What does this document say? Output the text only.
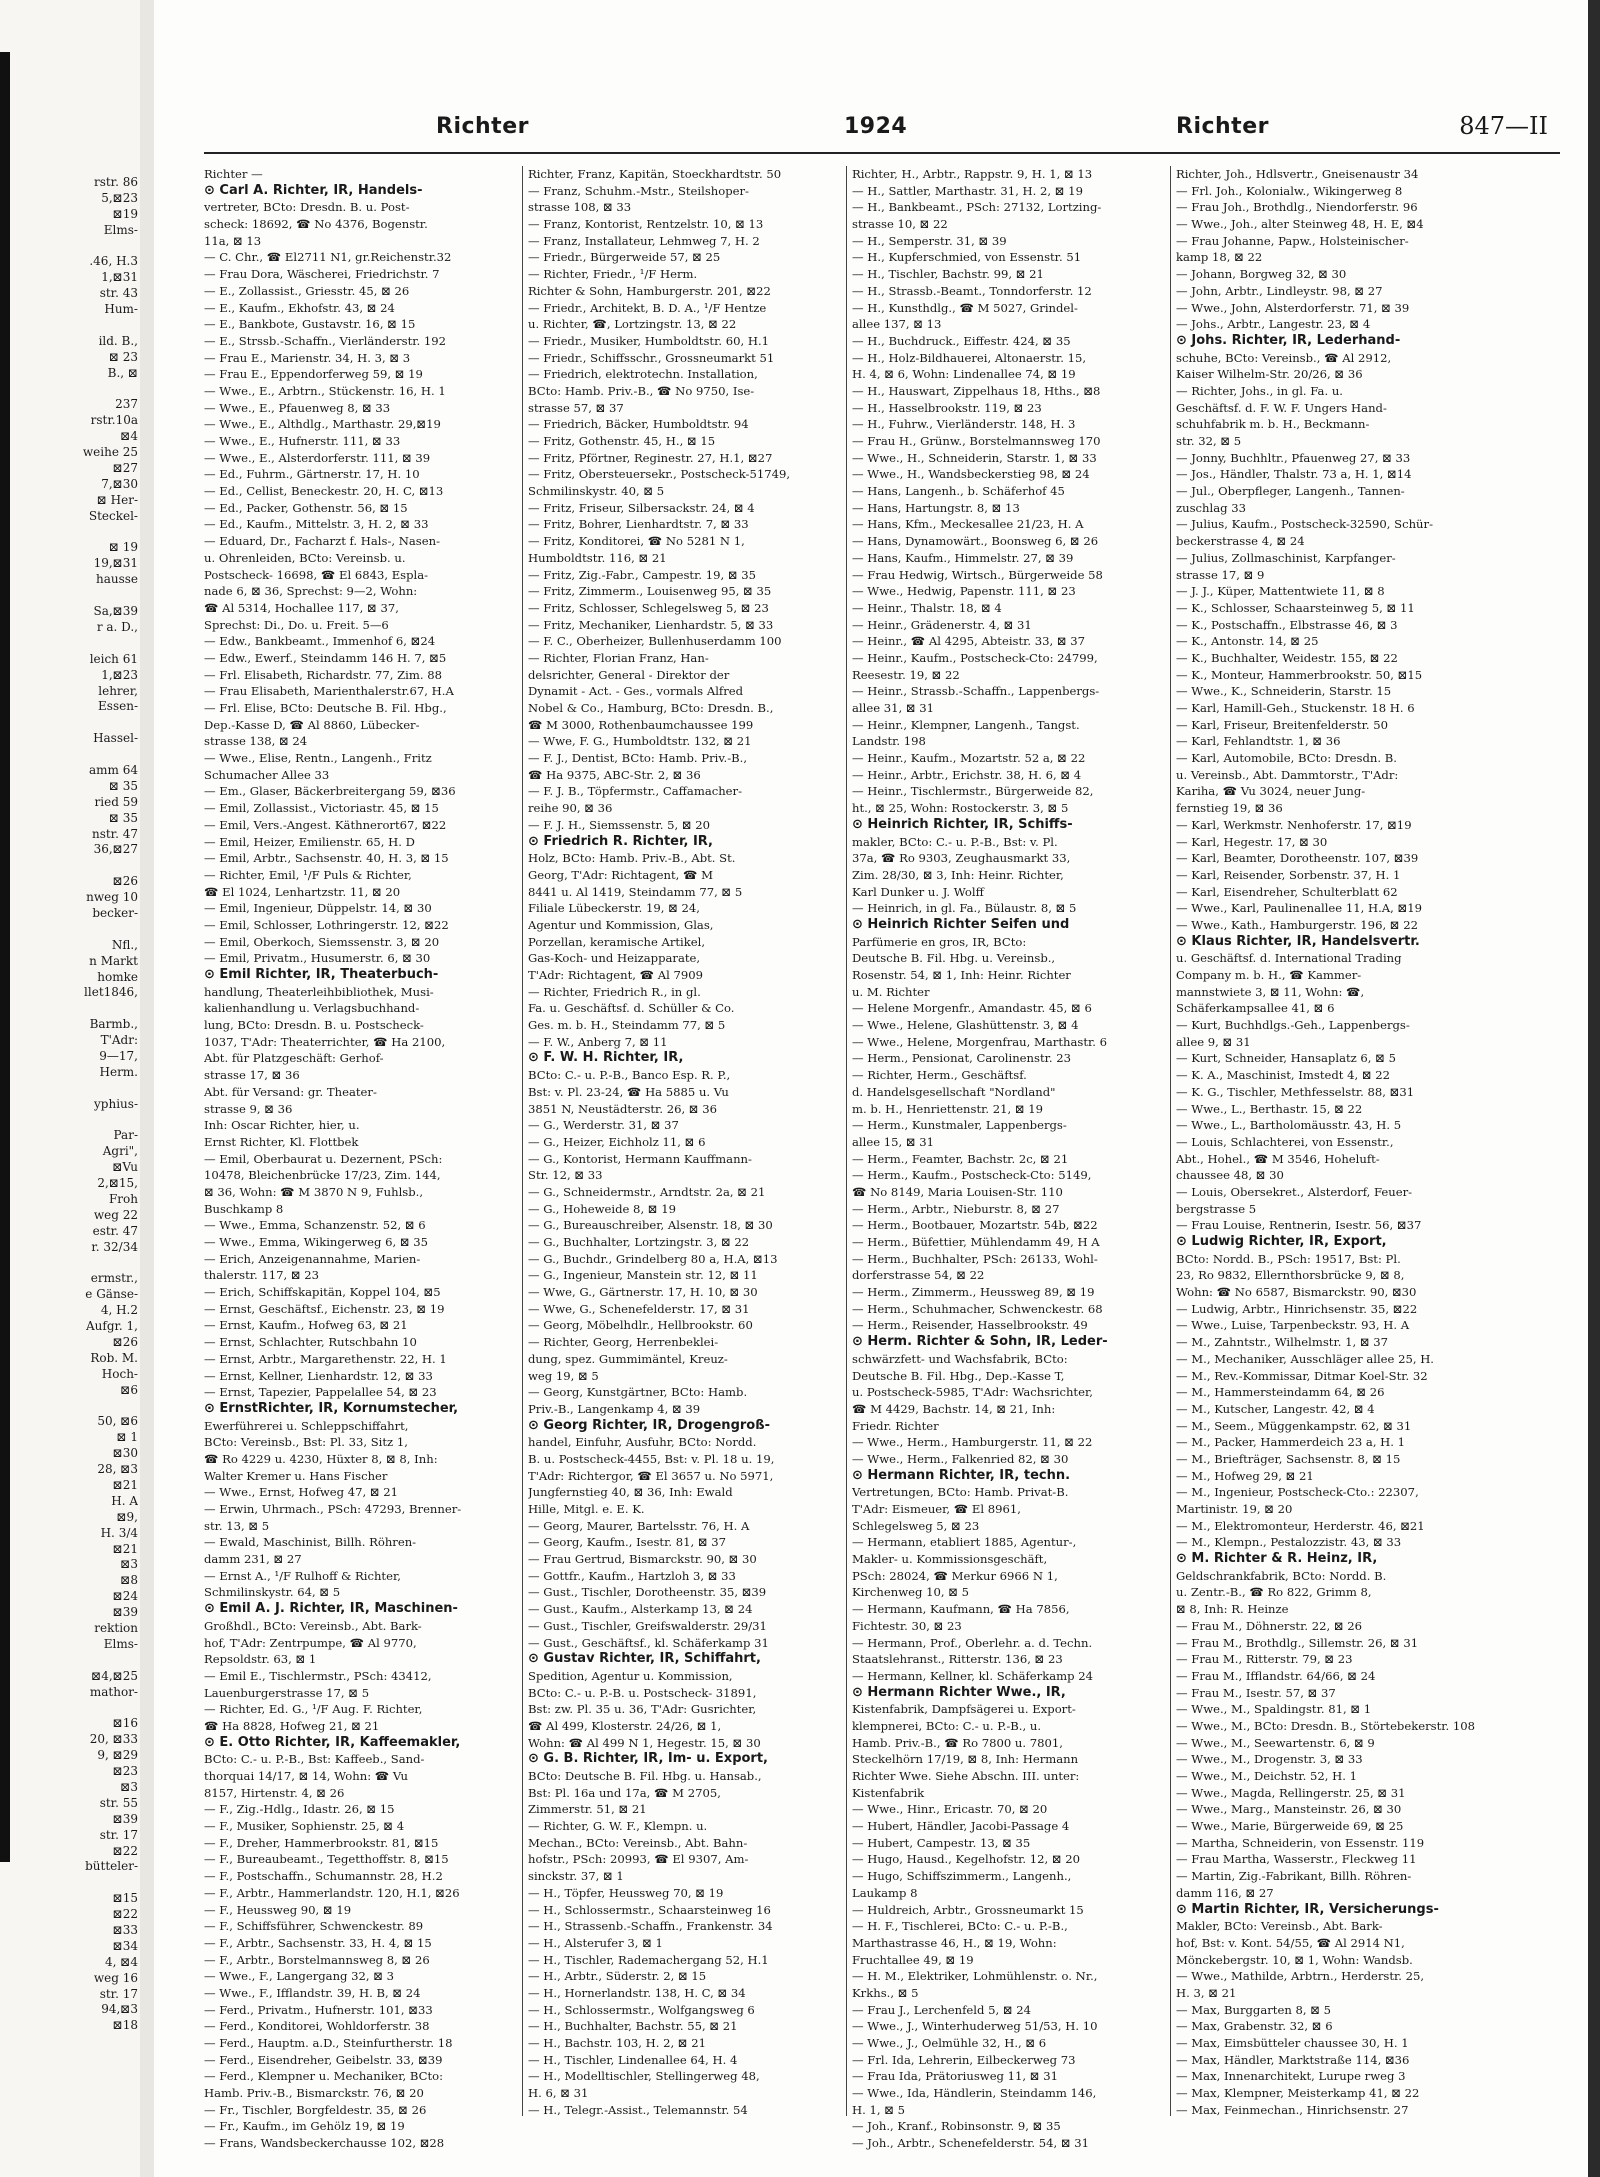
rstr. 86
5,⊠23
⊠19
Elms-
.46, H.3
1,⊠31
str. 43
Hum-
ild. B.,
⊠ 23
B., ⊠
237
rstr.10a
⊠4
weihe 25
⊠27
7,⊠30
⊠ Her-
Steckel-
⊠ 19
19,⊠31
hausse
Sa,⊠39
r a. D.,
leich 61
1,⊠23
lehrer,
Essen-
Hassel-
amm 64
⊠ 35
ried 59
⊠ 35
nstr. 47
36,⊠27
⊠26
nweg 10
becker-
Nfl.,
n Markt
homke
llet1846,
Barmb.,
T'Adr:
9—17,
Herm.
yphius-
Par-
Agri",
⊠Vu
2,⊠15,
Froh
weg 22
estr. 47
r. 32/34
ermstr.,
e Gänse-
4, H.2
Aufgr. 1,
⊠26
Rob. M.
Hoch-
⊠6
50, ⊠6
⊠ 1
⊠30
28, ⊠3
⊠21
H. A
⊠9,
H. 3/4
⊠21
⊠3
⊠8
⊠24
⊠39
rektion
Elms-
⊠4,⊠25
mathor-
⊠16
20, ⊠33
9, ⊠29
⊠23
⊠3
str. 55
⊠39
str. 17
⊠22
bütteler-
⊠15
⊠22
⊠33
⊠34
4, ⊠4
weg 16
str. 17
94,⊠3
⊠18
Richter	1924	Richter	847—II
Richter —
⊙ Carl A. Richter, IR, Handels-
vertreter, BCto: Dresdn. B. u. Post-
scheck: 18692, ☎ No 4376, Bogenstr.
11a, ⊠ 13
— C. Chr., ☎ El2711 N1, gr.Reichenstr.32
— Frau Dora, Wäscherei, Friedrichstr. 7
— E., Zollassist., Griesstr. 45, ⊠ 26
— E., Kaufm., Ekhofstr. 43, ⊠ 24
— E., Bankbote, Gustavstr. 16, ⊠ 15
— E., Strssb.-Schaffn., Vierländerstr. 192
— Frau E., Marienstr. 34, H. 3, ⊠ 3
— Frau E., Eppendorferweg 59, ⊠ 19
— Wwe., E., Arbtrn., Stückenstr. 16, H. 1
— Wwe., E., Pfauenweg 8, ⊠ 33
— Wwe., E., Althdlg., Marthastr. 29,⊠19
— Wwe., E., Hufnerstr. 111, ⊠ 33
— Wwe., E., Alsterdorferstr. 111, ⊠ 39
— Ed., Fuhrm., Gärtnerstr. 17, H. 10
— Ed., Cellist, Beneckestr. 20, H. C, ⊠13
— Ed., Packer, Gothenstr. 56, ⊠ 15
— Ed., Kaufm., Mittelstr. 3, H. 2, ⊠ 33
— Eduard, Dr., Facharzt f. Hals-, Nasen-
u. Ohrenleiden, BCto: Vereinsb. u.
Postscheck- 16698, ☎ El 6843, Espla-
nade 6, ⊠ 36, Sprechst: 9—2, Wohn:
☎ Al 5314, Hochallee 117, ⊠ 37,
Sprechst: Di., Do. u. Freit. 5—6
— Edw., Bankbeamt., Immenhof 6, ⊠24
— Edw., Ewerf., Steindamm 146 H. 7, ⊠5
— Frl. Elisabeth, Richardstr. 77, Zim. 88
— Frau Elisabeth, Marienthalerstr.67, H.A
— Frl. Elise, BCto: Deutsche B. Fil. Hbg.,
Dep.-Kasse D, ☎ Al 8860, Lübecker-
strasse 138, ⊠ 24
— Wwe., Elise, Rentn., Langenh., Fritz
Schumacher Allee 33
— Em., Glaser, Bäckerbreitergang 59, ⊠36
— Emil, Zollassist., Victoriastr. 45, ⊠ 15
— Emil, Vers.-Angest. Käthnerort67, ⊠22
— Emil, Heizer, Emilienstr. 65, H. D
— Emil, Arbtr., Sachsenstr. 40, H. 3, ⊠ 15
— Richter, Emil, ¹/F Puls & Richter,
☎ El 1024, Lenhartzstr. 11, ⊠ 20
— Emil, Ingenieur, Düppelstr. 14, ⊠ 30
— Emil, Schlosser, Lothringerstr. 12, ⊠22
— Emil, Oberkoch, Siemssenstr. 3, ⊠ 20
— Emil, Privatm., Husumerstr. 6, ⊠ 30
⊙ Emil Richter, IR, Theaterbuch-
handlung, Theaterleihbibliothek, Musi-
kalienhandlung u. Verlagsbuchhand-
lung, BCto: Dresdn. B. u. Postscheck-
1037, T'Adr: Theaterrichter, ☎ Ha 2100,
Abt. für Platzgeschäft: Gerhof-
strasse 17, ⊠ 36
Abt. für Versand: gr. Theater-
strasse 9, ⊠ 36
Inh: Oscar Richter, hier, u.
Ernst Richter, Kl. Flottbek
— Emil, Oberbaurat u. Dezernent, PSch:
10478, Bleichenbrücke 17/23, Zim. 144,
⊠ 36, Wohn: ☎ M 3870 N 9, Fuhlsb.,
Buschkamp 8
— Wwe., Emma, Schanzenstr. 52, ⊠ 6
— Wwe., Emma, Wikingerweg 6, ⊠ 35
— Erich, Anzeigenannahme, Marien-
thalerstr. 117, ⊠ 23
— Erich, Schiffskapitän, Koppel 104, ⊠5
— Ernst, Geschäftsf., Eichenstr. 23, ⊠ 19
— Ernst, Kaufm., Hofweg 63, ⊠ 21
— Ernst, Schlachter, Rutschbahn 10
— Ernst, Arbtr., Margarethenstr. 22, H. 1
— Ernst, Kellner, Lienhardstr. 12, ⊠ 33
— Ernst, Tapezier, Pappelallee 54, ⊠ 23
⊙ ErnstRichter, IR, Kornumstecher,
Ewerführerei u. Schleppschiffahrt,
BCto: Vereinsb., Bst: Pl. 33, Sitz 1,
☎ Ro 4229 u. 4230, Hüxter 8, ⊠ 8, Inh:
Walter Kremer u. Hans Fischer
— Wwe., Ernst, Hofweg 47, ⊠ 21
— Erwin, Uhrmach., PSch: 47293, Brenner-
str. 13, ⊠ 5
— Ewald, Maschinist, Billh. Röhren-
damm 231, ⊠ 27
— Ernst A., ¹/F Rulhoff & Richter,
Schmilinskystr. 64, ⊠ 5
⊙ Emil A. J. Richter, IR, Maschinen-
Großhdl., BCto: Vereinsb., Abt. Bark-
hof, T'Adr: Zentrpumpe, ☎ Al 9770,
Repsoldstr. 63, ⊠ 1
— Emil E., Tischlermstr., PSch: 43412,
Lauenburgerstrasse 17, ⊠ 5
— Richter, Ed. G., ¹/F Aug. F. Richter,
☎ Ha 8828, Hofweg 21, ⊠ 21
⊙ E. Otto Richter, IR, Kaffeemakler,
BCto: C.- u. P.-B., Bst: Kaffeeb., Sand-
thorquai 14/17, ⊠ 14, Wohn: ☎ Vu
8157, Hirtenstr. 4, ⊠ 26
— F., Zig.-Hdlg., Idastr. 26, ⊠ 15
— F., Musiker, Sophienstr. 25, ⊠ 4
— F., Dreher, Hammerbrookstr. 81, ⊠15
— F., Bureaubeamt., Tegetthoffstr. 8, ⊠15
— F., Postschaffn., Schumannstr. 28, H.2
— F., Arbtr., Hammerlandstr. 120, H.1, ⊠26
— F., Heussweg 90, ⊠ 19
— F., Schiffsführer, Schwenckestr. 89
— F., Arbtr., Sachsenstr. 33, H. 4, ⊠ 15
— F., Arbtr., Borstelmannsweg 8, ⊠ 26
— Wwe., F., Langergang 32, ⊠ 3
— Wwe., F., Ifflandstr. 39, H. B, ⊠ 24
— Ferd., Privatm., Hufnerstr. 101, ⊠33
— Ferd., Konditorei, Wohldorferstr. 38
— Ferd., Hauptm. a.D., Steinfurtherstr. 18
— Ferd., Eisendreher, Geibelstr. 33, ⊠39
— Ferd., Klempner u. Mechaniker, BCto:
Hamb. Priv.-B., Bismarckstr. 76, ⊠ 20
— Fr., Tischler, Borgfeldestr. 35, ⊠ 26
— Fr., Kaufm., im Gehölz 19, ⊠ 19
— Frans, Wandsbeckerchausse 102, ⊠28
Richter, Franz, Kapitän, Stoeckhardtstr. 50
— Franz, Schuhm.-Mstr., Steilshoper-
strasse 108, ⊠ 33
— Franz, Kontorist, Rentzelstr. 10, ⊠ 13
— Franz, Installateur, Lehmweg 7, H. 2
— Friedr., Bürgerweide 57, ⊠ 25
— Richter, Friedr., ¹/F Herm.
Richter & Sohn, Hamburgerstr. 201, ⊠22
— Friedr., Architekt, B. D. A., ¹/F Hentze
u. Richter, ☎, Lortzingstr. 13, ⊠ 22
— Friedr., Musiker, Humboldtstr. 60, H.1
— Friedr., Schiffsschr., Grossneumarkt 51
— Friedrich, elektrotechn. Installation,
BCto: Hamb. Priv.-B., ☎ No 9750, Ise-
strasse 57, ⊠ 37
— Friedrich, Bäcker, Humboldtstr. 94
— Fritz, Gothenstr. 45, H., ⊠ 15
— Fritz, Pförtner, Reginestr. 27, H.1, ⊠27
— Fritz, Obersteuersekr., Postscheck-51749,
Schmilinskystr. 40, ⊠ 5
— Fritz, Friseur, Silbersackstr. 24, ⊠ 4
— Fritz, Bohrer, Lienhardtstr. 7, ⊠ 33
— Fritz, Konditorei, ☎ No 5281 N 1,
Humboldtstr. 116, ⊠ 21
— Fritz, Zig.-Fabr., Campestr. 19, ⊠ 35
— Fritz, Zimmerm., Louisenweg 95, ⊠ 35
— Fritz, Schlosser, Schlegelsweg 5, ⊠ 23
— Fritz, Mechaniker, Lienhardstr. 5, ⊠ 33
— F. C., Oberheizer, Bullenhuserdamm 100
— Richter, Florian Franz, Han-
delsrichter, General - Direktor der
Dynamit - Act. - Ges., vormals Alfred
Nobel & Co., Hamburg, BCto: Dresdn. B.,
☎ M 3000, Rothenbaumchaussee 199
— Wwe, F. G., Humboldtstr. 132, ⊠ 21
— F. J., Dentist, BCto: Hamb. Priv.-B.,
☎ Ha 9375, ABC-Str. 2, ⊠ 36
— F. J. B., Töpfermstr., Caffamacher-
reihe 90, ⊠ 36
— F. J. H., Siemssenstr. 5, ⊠ 20
⊙ Friedrich R. Richter, IR,
Holz, BCto: Hamb. Priv.-B., Abt. St.
Georg, T'Adr: Richtagent, ☎ M
8441 u. Al 1419, Steindamm 77, ⊠ 5
Filiale Lübeckerstr. 19, ⊠ 24,
Agentur und Kommission, Glas,
Porzellan, keramische Artikel,
Gas-Koch- und Heizapparate,
T'Adr: Richtagent, ☎ Al 7909
— Richter, Friedrich R., in gl.
Fa. u. Geschäftsf. d. Schüller & Co.
Ges. m. b. H., Steindamm 77, ⊠ 5
— F. W., Anberg 7, ⊠ 11
⊙ F. W. H. Richter, IR,
BCto: C.- u. P.-B., Banco Esp. R. P.,
Bst: v. Pl. 23-24, ☎ Ha 5885 u. Vu
3851 N, Neustädterstr. 26, ⊠ 36
— G., Werderstr. 31, ⊠ 37
— G., Heizer, Eichholz 11, ⊠ 6
— G., Kontorist, Hermann Kauffmann-
Str. 12, ⊠ 33
— G., Schneidermstr., Arndtstr. 2a, ⊠ 21
— G., Hoheweide 8, ⊠ 19
— G., Bureauschreiber, Alsenstr. 18, ⊠ 30
— G., Buchhalter, Lortzingstr. 3, ⊠ 22
— G., Buchdr., Grindelberg 80 a, H.A, ⊠13
— G., Ingenieur, Manstein str. 12, ⊠ 11
— Wwe, G., Gärtnerstr. 17, H. 10, ⊠ 30
— Wwe, G., Schenefelderstr. 17, ⊠ 31
— Georg, Möbelhdlr., Hellbrookstr. 60
— Richter, Georg, Herrenbeklei-
dung, spez. Gummimäntel, Kreuz-
weg 19, ⊠ 5
— Georg, Kunstgärtner, BCto: Hamb.
Priv.-B., Langenkamp 4, ⊠ 39
⊙ Georg Richter, IR, Drogengroß-
handel, Einfuhr, Ausfuhr, BCto: Nordd.
B. u. Postscheck-4455, Bst: v. Pl. 18 u. 19,
T'Adr: Richtergor, ☎ El 3657 u. No 5971,
Jungfernstieg 40, ⊠ 36, Inh: Ewald
Hille, Mitgl. e. E. K.
— Georg, Maurer, Bartelsstr. 76, H. A
— Georg, Kaufm., Isestr. 81, ⊠ 37
— Frau Gertrud, Bismarckstr. 90, ⊠ 30
— Gottfr., Kaufm., Hartzloh 3, ⊠ 33
— Gust., Tischler, Dorotheenstr. 35, ⊠39
— Gust., Kaufm., Alsterkamp 13, ⊠ 24
— Gust., Tischler, Greifswalderstr. 29/31
— Gust., Geschäftsf., kl. Schäferkamp 31
⊙ Gustav Richter, IR, Schiffahrt,
Spedition, Agentur u. Kommission,
BCto: C.- u. P.-B. u. Postscheck- 31891,
Bst: zw. Pl. 35 u. 36, T'Adr: Gusrichter,
☎ Al 499, Klosterstr. 24/26, ⊠ 1,
Wohn: ☎ Al 499 N 1, Hegestr. 15, ⊠ 30
⊙ G. B. Richter, IR, Im- u. Export,
BCto: Deutsche B. Fil. Hbg. u. Hansab.,
Bst: Pl. 16a und 17a, ☎ M 2705,
Zimmerstr. 51, ⊠ 21
— Richter, G. W. F., Klempn. u.
Mechan., BCto: Vereinsb., Abt. Bahn-
hofstr., PSch: 20993, ☎ El 9307, Am-
sinckstr. 37, ⊠ 1
— H., Töpfer, Heussweg 70, ⊠ 19
— H., Schlossermstr., Schaarsteinweg 16
— H., Strassenb.-Schaffn., Frankenstr. 34
— H., Alsterufer 3, ⊠ 1
— H., Tischler, Rademachergang 52, H.1
— H., Arbtr., Süderstr. 2, ⊠ 15
— H., Hornerlandstr. 138, H. C, ⊠ 34
— H., Schlossermstr., Wolfgangsweg 6
— H., Buchhalter, Bachstr. 55, ⊠ 21
— H., Bachstr. 103, H. 2, ⊠ 21
— H., Tischler, Lindenallee 64, H. 4
— H., Modelltischler, Stellingerweg 48,
H. 6, ⊠ 31
— H., Telegr.-Assist., Telemannstr. 54
Richter, H., Arbtr., Rappstr. 9, H. 1, ⊠ 13
— H., Sattler, Marthastr. 31, H. 2, ⊠ 19
— H., Bankbeamt., PSch: 27132, Lortzing-
strasse 10, ⊠ 22
— H., Semperstr. 31, ⊠ 39
— H., Kupferschmied, von Essenstr. 51
— H., Tischler, Bachstr. 99, ⊠ 21
— H., Strassb.-Beamt., Tonndorferstr. 12
— H., Kunsthdlg., ☎ M 5027, Grindel-
allee 137, ⊠ 13
— H., Buchdruck., Eiffestr. 424, ⊠ 35
— H., Holz-Bildhauerei, Altonaerstr. 15,
H. 4, ⊠ 6, Wohn: Lindenallee 74, ⊠ 19
— H., Hauswart, Zippelhaus 18, Hths., ⊠8
— H., Hasselbrookstr. 119, ⊠ 23
— H., Fuhrw., Vierländerstr. 148, H. 3
— Frau H., Grünw., Borstelmannsweg 170
— Wwe., H., Schneiderin, Starstr. 1, ⊠ 33
— Wwe., H., Wandsbeckerstieg 98, ⊠ 24
— Hans, Langenh., b. Schäferhof 45
— Hans, Hartungstr. 8, ⊠ 13
— Hans, Kfm., Meckesallee 21/23, H. A
— Hans, Dynamowärt., Boonsweg 6, ⊠ 26
— Hans, Kaufm., Himmelstr. 27, ⊠ 39
— Frau Hedwig, Wirtsch., Bürgerweide 58
— Wwe., Hedwig, Papenstr. 111, ⊠ 23
— Heinr., Thalstr. 18, ⊠ 4
— Heinr., Grädenerstr. 4, ⊠ 31
— Heinr., ☎ Al 4295, Abteistr. 33, ⊠ 37
— Heinr., Kaufm., Postscheck-Cto: 24799,
Reesestr. 19, ⊠ 22
— Heinr., Strassb.-Schaffn., Lappenbergs-
allee 31, ⊠ 31
— Heinr., Klempner, Langenh., Tangst.
Landstr. 198
— Heinr., Kaufm., Mozartstr. 52 a, ⊠ 22
— Heinr., Arbtr., Erichstr. 38, H. 6, ⊠ 4
— Heinr., Tischlermstr., Bürgerweide 82,
ht., ⊠ 25, Wohn: Rostockerstr. 3, ⊠ 5
⊙ Heinrich Richter, IR, Schiffs-
makler, BCto: C.- u. P.-B., Bst: v. Pl.
37a, ☎ Ro 9303, Zeughausmarkt 33,
Zim. 28/30, ⊠ 3, Inh: Heinr. Richter,
Karl Dunker u. J. Wolff
— Heinrich, in gl. Fa., Bülaustr. 8, ⊠ 5
⊙ Heinrich Richter Seifen und
Parfümerie en gros, IR, BCto:
Deutsche B. Fil. Hbg. u. Vereinsb.,
Rosenstr. 54, ⊠ 1, Inh: Heinr. Richter
u. M. Richter
— Helene Morgenfr., Amandastr. 45, ⊠ 6
— Wwe., Helene, Glashüttenstr. 3, ⊠ 4
— Wwe., Helene, Morgenfrau, Marthastr. 6
— Herm., Pensionat, Carolinenstr. 23
— Richter, Herm., Geschäftsf.
d. Handelsgesellschaft "Nordland"
m. b. H., Henriettenstr. 21, ⊠ 19
— Herm., Kunstmaler, Lappenbergs-
allee 15, ⊠ 31
— Herm., Feamter, Bachstr. 2c, ⊠ 21
— Herm., Kaufm., Postscheck-Cto: 5149,
☎ No 8149, Maria Louisen-Str. 110
— Herm., Arbtr., Nieburstr. 8, ⊠ 27
— Herm., Bootbauer, Mozartstr. 54b, ⊠22
— Herm., Büfettier, Mühlendamm 49, H A
— Herm., Buchhalter, PSch: 26133, Wohl-
dorferstrasse 54, ⊠ 22
— Herm., Zimmerm., Heussweg 89, ⊠ 19
— Herm., Schuhmacher, Schwenckestr. 68
— Herm., Reisender, Hasselbrookstr. 49
⊙ Herm. Richter & Sohn, IR, Leder-
schwärzfett- und Wachsfabrik, BCto:
Deutsche B. Fil. Hbg., Dep.-Kasse T,
u. Postscheck-5985, T'Adr: Wachsrichter,
☎ M 4429, Bachstr. 14, ⊠ 21, Inh:
Friedr. Richter
— Wwe., Herm., Hamburgerstr. 11, ⊠ 22
— Wwe., Herm., Falkenried 82, ⊠ 30
⊙ Hermann Richter, IR, techn.
Vertretungen, BCto: Hamb. Privat-B.
T'Adr: Eismeuer, ☎ El 8961,
Schlegelsweg 5, ⊠ 23
— Hermann, etabliert 1885, Agentur-,
Makler- u. Kommissionsgeschäft,
PSch: 28024, ☎ Merkur 6966 N 1,
Kirchenweg 10, ⊠ 5
— Hermann, Kaufmann, ☎ Ha 7856,
Fichtestr. 30, ⊠ 23
— Hermann, Prof., Oberlehr. a. d. Techn.
Staatslehranst., Ritterstr. 136, ⊠ 23
— Hermann, Kellner, kl. Schäferkamp 24
⊙ Hermann Richter Wwe., IR,
Kistenfabrik, Dampfsägerei u. Export-
klempnerei, BCto: C.- u. P.-B., u.
Hamb. Priv.-B., ☎ Ro 7800 u. 7801,
Steckelhörn 17/19, ⊠ 8, Inh: Hermann
Richter Wwe. Siehe Abschn. III. unter:
Kistenfabrik
— Wwe., Hinr., Ericastr. 70, ⊠ 20
— Hubert, Händler, Jacobi-Passage 4
— Hubert, Campestr. 13, ⊠ 35
— Hugo, Hausd., Kegelhofstr. 12, ⊠ 20
— Hugo, Schiffszimmerm., Langenh.,
Laukamp 8
— Huldreich, Arbtr., Grossneumarkt 15
— H. F., Tischlerei, BCto: C.- u. P.-B.,
Marthastrasse 46, H., ⊠ 19, Wohn:
Fruchtallee 49, ⊠ 19
— H. M., Elektriker, Lohmühlenstr. o. Nr.,
Krkhs., ⊠ 5
— Frau J., Lerchenfeld 5, ⊠ 24
— Wwe., J., Winterhuderweg 51/53, H. 10
— Wwe., J., Oelmühle 32, H., ⊠ 6
— Frl. Ida, Lehrerin, Eilbeckerweg 73
— Frau Ida, Prätoriusweg 11, ⊠ 31
— Wwe., Ida, Händlerin, Steindamm 146,
H. 1, ⊠ 5
— Joh., Kranf., Robinsonstr. 9, ⊠ 35
— Joh., Arbtr., Schenefelderstr. 54, ⊠ 31
Richter, Joh., Hdlsvertr., Gneisenaustr 34
— Frl. Joh., Kolonialw., Wikingerweg 8
— Frau Joh., Brothdlg., Niendorferstr. 96
— Wwe., Joh., alter Steinweg 48, H. E, ⊠4
— Frau Johanne, Papw., Holsteinischer-
kamp 18, ⊠ 22
— Johann, Borgweg 32, ⊠ 30
— John, Arbtr., Lindleystr. 98, ⊠ 27
— Wwe., John, Alsterdorferstr. 71, ⊠ 39
— Johs., Arbtr., Langestr. 23, ⊠ 4
⊙ Johs. Richter, IR, Lederhand-
schuhe, BCto: Vereinsb., ☎ Al 2912,
Kaiser Wilhelm-Str. 20/26, ⊠ 36
— Richter, Johs., in gl. Fa. u.
Geschäftsf. d. F. W. F. Ungers Hand-
schuhfabrik m. b. H., Beckmann-
str. 32, ⊠ 5
— Jonny, Buchhltr., Pfauenweg 27, ⊠ 33
— Jos., Händler, Thalstr. 73 a, H. 1, ⊠14
— Jul., Oberpfleger, Langenh., Tannen-
zuschlag 33
— Julius, Kaufm., Postscheck-32590, Schür-
beckerstrasse 4, ⊠ 24
— Julius, Zollmaschinist, Karpfanger-
strasse 17, ⊠ 9
— J. J., Küper, Mattentwiete 11, ⊠ 8
— K., Schlosser, Schaarsteinweg 5, ⊠ 11
— K., Postschaffn., Elbstrasse 46, ⊠ 3
— K., Antonstr. 14, ⊠ 25
— K., Buchhalter, Weidestr. 155, ⊠ 22
— K., Monteur, Hammerbrookstr. 50, ⊠15
— Wwe., K., Schneiderin, Starstr. 15
— Karl, Hamill-Geh., Stuckenstr. 18 H. 6
— Karl, Friseur, Breitenfelderstr. 50
— Karl, Fehlandtstr. 1, ⊠ 36
— Karl, Automobile, BCto: Dresdn. B.
u. Vereinsb., Abt. Dammtorstr., T'Adr:
Kariha, ☎ Vu 3024, neuer Jung-
fernstieg 19, ⊠ 36
— Karl, Werkmstr. Nenhoferstr. 17, ⊠19
— Karl, Hegestr. 17, ⊠ 30
— Karl, Beamter, Dorotheenstr. 107, ⊠39
— Karl, Reisender, Sorbenstr. 37, H. 1
— Karl, Eisendreher, Schulterblatt 62
— Wwe., Karl, Paulinenallee 11, H.A, ⊠19
— Wwe., Kath., Hamburgerstr. 196, ⊠ 22
⊙ Klaus Richter, IR, Handelsvertr.
u. Geschäftsf. d. International Trading
Company m. b. H., ☎ Kammer-
mannstwiete 3, ⊠ 11, Wohn: ☎,
Schäferkampsallee 41, ⊠ 6
— Kurt, Buchhdlgs.-Geh., Lappenbergs-
allee 9, ⊠ 31
— Kurt, Schneider, Hansaplatz 6, ⊠ 5
— K. A., Maschinist, Imstedt 4, ⊠ 22
— K. G., Tischler, Methfesselstr. 88, ⊠31
— Wwe., L., Berthastr. 15, ⊠ 22
— Wwe., L., Bartholomäusstr. 43, H. 5
— Louis, Schlachterei, von Essenstr.,
Abt., Hohel., ☎ M 3546, Hoheluft-
chaussee 48, ⊠ 30
— Louis, Obersekret., Alsterdorf, Feuer-
bergstrasse 5
— Frau Louise, Rentnerin, Isestr. 56, ⊠37
⊙ Ludwig Richter, IR, Export,
BCto: Nordd. B., PSch: 19517, Bst: Pl.
23, Ro 9832, Ellernthorsbrücke 9, ⊠ 8,
Wohn: ☎ No 6587, Bismarckstr. 90, ⊠30
— Ludwig, Arbtr., Hinrichsenstr. 35, ⊠22
— Wwe., Luise, Tarpenbeckstr. 93, H. A
— M., Zahntstr., Wilhelmstr. 1, ⊠ 37
— M., Mechaniker, Ausschläger allee 25, H.
— M., Rev.-Kommissar, Ditmar Koel-Str. 32
— M., Hammersteindamm 64, ⊠ 26
— M., Kutscher, Langestr. 42, ⊠ 4
— M., Seem., Müggenkampstr. 62, ⊠ 31
— M., Packer, Hammerdeich 23 a, H. 1
— M., Briefträger, Sachsenstr. 8, ⊠ 15
— M., Hofweg 29, ⊠ 21
— M., Ingenieur, Postscheck-Cto.: 22307,
Martinistr. 19, ⊠ 20
— M., Elektromonteur, Herderstr. 46, ⊠21
— M., Klempn., Pestalozzistr. 43, ⊠ 33
⊙ M. Richter & R. Heinz, IR,
Geldschrankfabrik, BCto: Nordd. B.
u. Zentr.-B., ☎ Ro 822, Grimm 8,
⊠ 8, Inh: R. Heinze
— Frau M., Döhnerstr. 22, ⊠ 26
— Frau M., Brothdlg., Sillemstr. 26, ⊠ 31
— Frau M., Ritterstr. 79, ⊠ 23
— Frau M., Ifflandstr. 64/66, ⊠ 24
— Frau M., Isestr. 57, ⊠ 37
— Wwe., M., Spaldingstr. 81, ⊠ 1
— Wwe., M., BCto: Dresdn. B., Störtebekerstr. 108
— Wwe., M., Seewartenstr. 6, ⊠ 9
— Wwe., M., Drogenstr. 3, ⊠ 33
— Wwe., M., Deichstr. 52, H. 1
— Wwe., Magda, Rellingerstr. 25, ⊠ 31
— Wwe., Marg., Mansteinstr. 26, ⊠ 30
— Wwe., Marie, Bürgerweide 69, ⊠ 25
— Martha, Schneiderin, von Essenstr. 119
— Frau Martha, Wasserstr., Fleckweg 11
— Martin, Zig.-Fabrikant, Billh. Röhren-
damm 116, ⊠ 27
⊙ Martin Richter, IR, Versicherungs-
Makler, BCto: Vereinsb., Abt. Bark-
hof, Bst: v. Kont. 54/55, ☎ Al 2914 N1,
Mönckebergstr. 10, ⊠ 1, Wohn: Wandsb.
— Wwe., Mathilde, Arbtrn., Herderstr. 25,
H. 3, ⊠ 21
— Max, Burggarten 8, ⊠ 5
— Max, Grabenstr. 32, ⊠ 6
— Max, Eimsbütteler chaussee 30, H. 1
— Max, Händler, Marktstraße 114, ⊠36
— Max, Innenarchitekt, Lurupe rweg 3
— Max, Klempner, Meisterkamp 41, ⊠ 22
— Max, Feinmechan., Hinrichsenstr. 27
